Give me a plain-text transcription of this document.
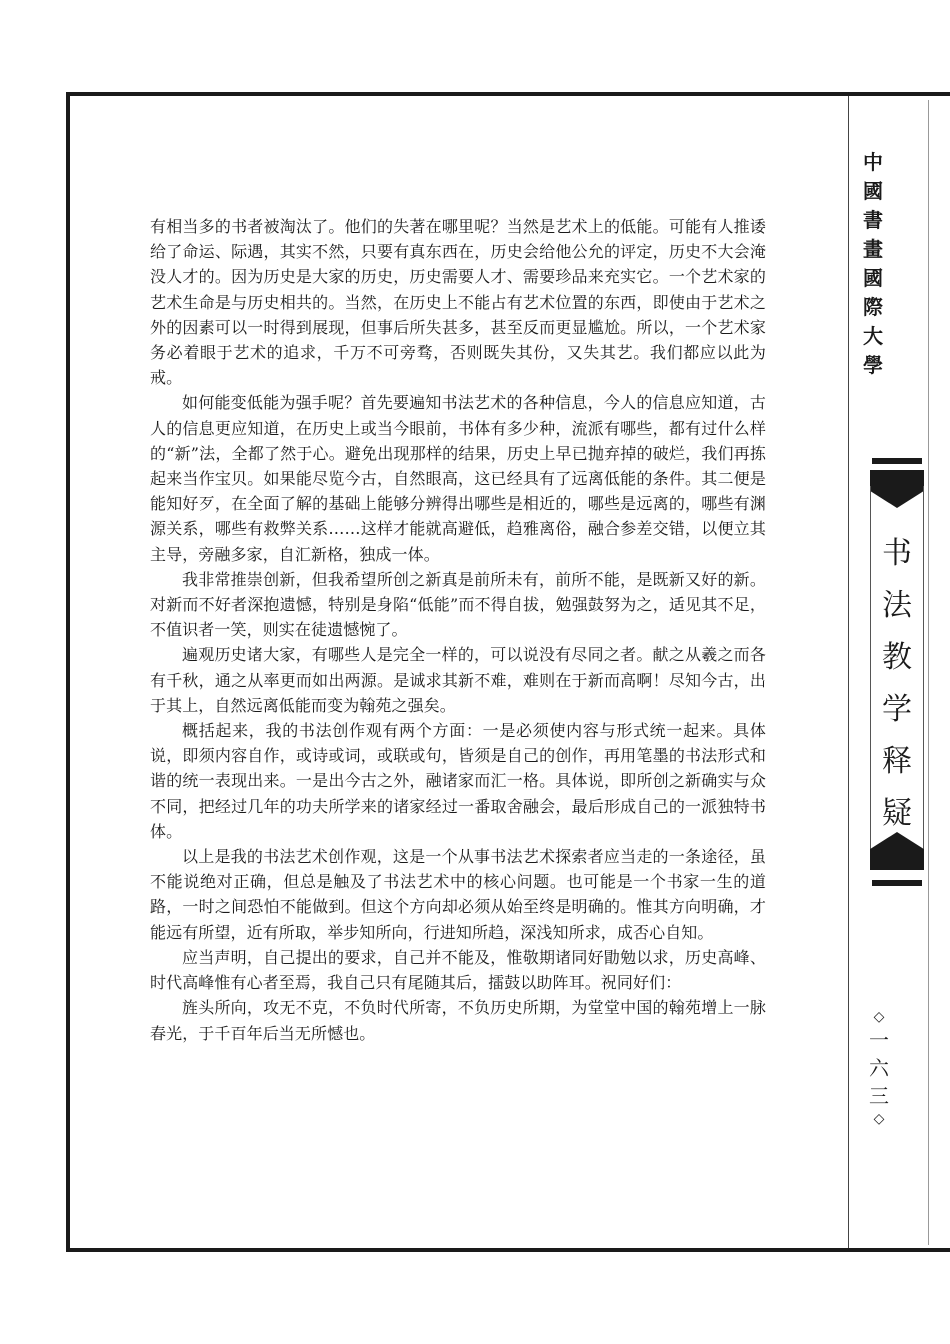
有相当多的书者被淘汰了。他们的失著在哪里呢？当然是艺术上的低能。可能有人推诿给了命运、际遇，其实不然，只要有真东西在，历史会给他公允的评定，历史不大会淹没人才的。因为历史是大家的历史，历史需要人才、需要珍品来充实它。一个艺术家的艺术生命是与历史相共的。当然，在历史上不能占有艺术位置的东西，即使由于艺术之外的因素可以一时得到展现，但事后所失甚多，甚至反而更显尴尬。所以，一个艺术家务必着眼于艺术的追求，千万不可旁骛，否则既失其份，又失其艺。我们都应以此为戒。

如何能变低能为强手呢？首先要遍知书法艺术的各种信息，今人的信息应知道，古人的信息更应知道，在历史上或当今眼前，书体有多少种，流派有哪些，都有过什么样的“新”法，全都了然于心。避免出现那样的结果，历史上早已抛弃掉的破烂，我们再拣起来当作宝贝。如果能尽览今古，自然眼高，这已经具有了远离低能的条件。其二便是能知好歹，在全面了解的基础上能够分辨得出哪些是相近的，哪些是远离的，哪些有渊源关系，哪些有救弊关系……这样才能就高避低，趋雅离俗，融合参差交错，以便立其主导，旁融多家，自汇新格，独成一体。

我非常推崇创新，但我希望所创之新真是前所未有，前所不能，是既新又好的新。对新而不好者深抱遗憾，特别是身陷“低能”而不得自拔，勉强鼓努为之，适见其不足，不值识者一笑，则实在徒遗憾惋了。

遍观历史诸大家，有哪些人是完全一样的，可以说没有尽同之者。献之从羲之而各有千秋，通之从率更而如出两源。是诚求其新不难，难则在于新而高啊！尽知今古，出于其上，自然远离低能而变为翰苑之强矣。

概括起来，我的书法创作观有两个方面：一是必须使内容与形式统一起来。具体说，即须内容自作，或诗或词，或联或句，皆须是自己的创作，再用笔墨的书法形式和谐的统一表现出来。一是出今古之外，融诸家而汇一格。具体说，即所创之新确实与众不同，把经过几年的功夫所学来的诸家经过一番取舍融会，最后形成自己的一派独特书体。

以上是我的书法艺术创作观，这是一个从事书法艺术探索者应当走的一条途径，虽不能说绝对正确，但总是触及了书法艺术中的核心问题。也可能是一个书家一生的道路，一时之间恐怕不能做到。但这个方向却必须从始至终是明确的。惟其方向明确，才能远有所望，近有所取，举步知所向，行进知所趋，深浅知所求，成否心自知。

应当声明，自己提出的要求，自己并不能及，惟敬期诸同好勖勉以求，历史高峰、时代高峰惟有心者至焉，我自己只有尾随其后，擂鼓以助阵耳。祝同好们：

旌头所向，攻无不克，不负时代所寄，不负历史所期，为堂堂中国的翰苑增上一脉春光，于千百年后当无所憾也。

中
國
書
畫
國
際
大
學
书
法
教
学
释
疑
◇
一
六
三
◇
